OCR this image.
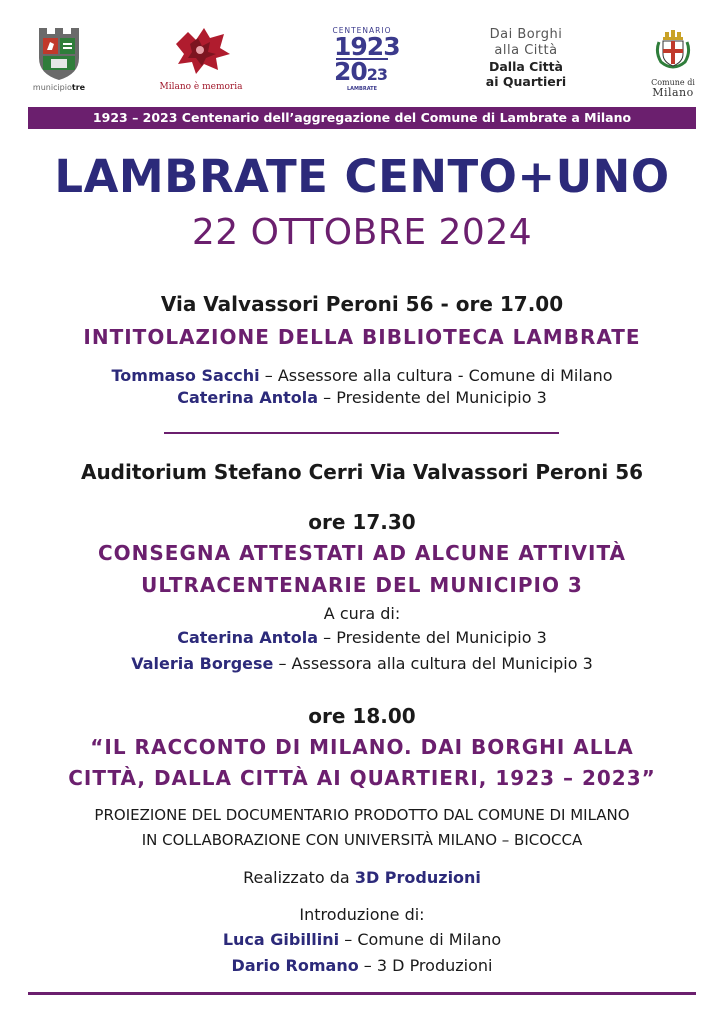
municipiotre	Milano è memoria
CENTENARIO
1923
2023
LAMBRATE
Dai Borghi
alla Città
Dalla Città
ai Quartieri	Comune di
Milano
1923 – 2023 Centenario dell’aggregazione del Comune di Lambrate a Milano
LAMBRATE CENTO+UNO
22 OTTOBRE 2024
Via Valvassori Peroni 56 - ore 17.00
INTITOLAZIONE DELLA BIBLIOTECA LAMBRATE
Tommaso Sacchi – Assessore alla cultura - Comune di Milano
Caterina Antola – Presidente del Municipio 3
Auditorium Stefano Cerri Via Valvassori Peroni 56
ore 17.30
CONSEGNA ATTESTATI AD ALCUNE ATTIVITÀ
ULTRACENTENARIE DEL MUNICIPIO 3
A cura di:
Caterina Antola – Presidente del Municipio 3
Valeria Borgese – Assessora alla cultura del Municipio 3
ore 18.00
“IL RACCONTO DI MILANO. DAI BORGHI ALLA
CITTÀ, DALLA CITTÀ AI QUARTIERI, 1923 – 2023”
PROIEZIONE DEL DOCUMENTARIO PRODOTTO DAL COMUNE DI MILANO
IN COLLABORAZIONE CON UNIVERSITÀ MILANO – BICOCCA
Realizzato da 3D Produzioni
Introduzione di:
Luca Gibillini – Comune di Milano
Dario Romano – 3 D Produzioni
